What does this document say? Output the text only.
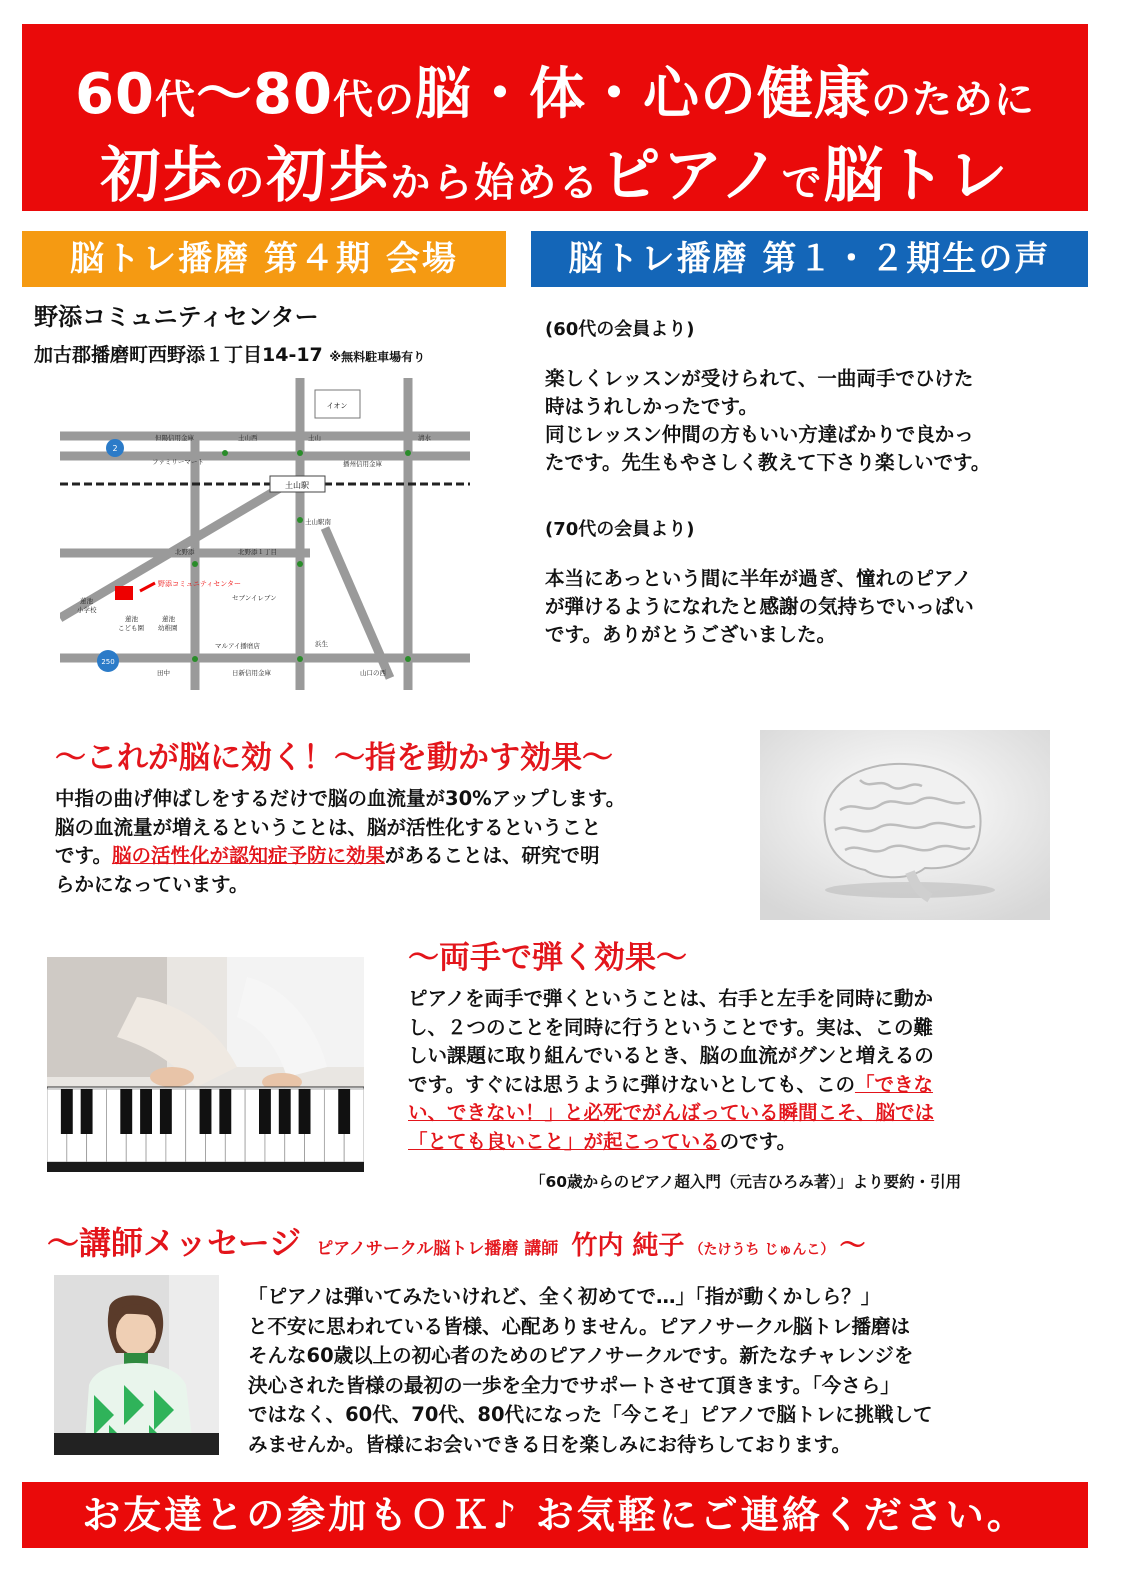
60代〜80代の脳・体・心の健康のために
初歩の初歩から始めるピアノで脳トレ
脳トレ播磨 第４期 会場	脳トレ播磨 第１・２期生の声
野添コミュニティセンター
加古郡播磨町西野添１丁目14-17 ※無料駐車場有り
イオン
土山駅
野添コミュニティセンター
2
250
但陽信用金庫	土山西	土山	清水
ファミリーマート	播州信用金庫
土山駅南
北野添	北野添１丁目
セブンイレブン
蓮池
小学校
蓮池
こども園
蓮池
幼稚園
マルアイ播磨店	浜生
田中	日新信用金庫	山口の西
(60代の会員より)
楽しくレッスンが受けられて、一曲両手でひけた
時はうれしかったです。
同じレッスン仲間の方もいい方達ばかりで良かっ
たです。先生もやさしく教えて下さり楽しいです。
(70代の会員より)
本当にあっという間に半年が過ぎ、憧れのピアノ
が弾けるようになれたと感謝の気持ちでいっぱい
です。ありがとうございました。
〜これが脳に効く！〜指を動かす効果〜
中指の曲げ伸ばしをするだけで脳の血流量が30%アップします。
脳の血流量が増えるということは、脳が活性化するということ
です。脳の活性化が認知症予防に効果があることは、研究で明
らかになっています。
〜両手で弾く効果〜
ピアノを両手で弾くということは、右手と左手を同時に動か
し、２つのことを同時に行うということです。実は、この難
しい課題に取り組んでいるとき、脳の血流がグンと増えるの
です。すぐには思うように弾けないとしても、この「できな
い、できない！」と必死でがんばっている瞬間こそ、脳では
「とても良いこと」が起こっているのです。
「60歳からのピアノ超入門（元吉ひろみ著）」より要約・引用
〜講師メッセージ ピアノサークル脳トレ播磨 講師 竹内 純子 （たけうち じゅんこ） 〜
「ピアノは弾いてみたいけれど、全く初めてで…」「指が動くかしら？」
と不安に思われている皆様、心配ありません。ピアノサークル脳トレ播磨は
そんな60歳以上の初心者のためのピアノサークルです。新たなチャレンジを
決心された皆様の最初の一歩を全力でサポートさせて頂きます。「今さら」
ではなく、60代、70代、80代になった「今こそ」ピアノで脳トレに挑戦して
みませんか。皆様にお会いできる日を楽しみにお待ちしております。
お友達との参加もＯＫ♪ お気軽にご連絡ください。
